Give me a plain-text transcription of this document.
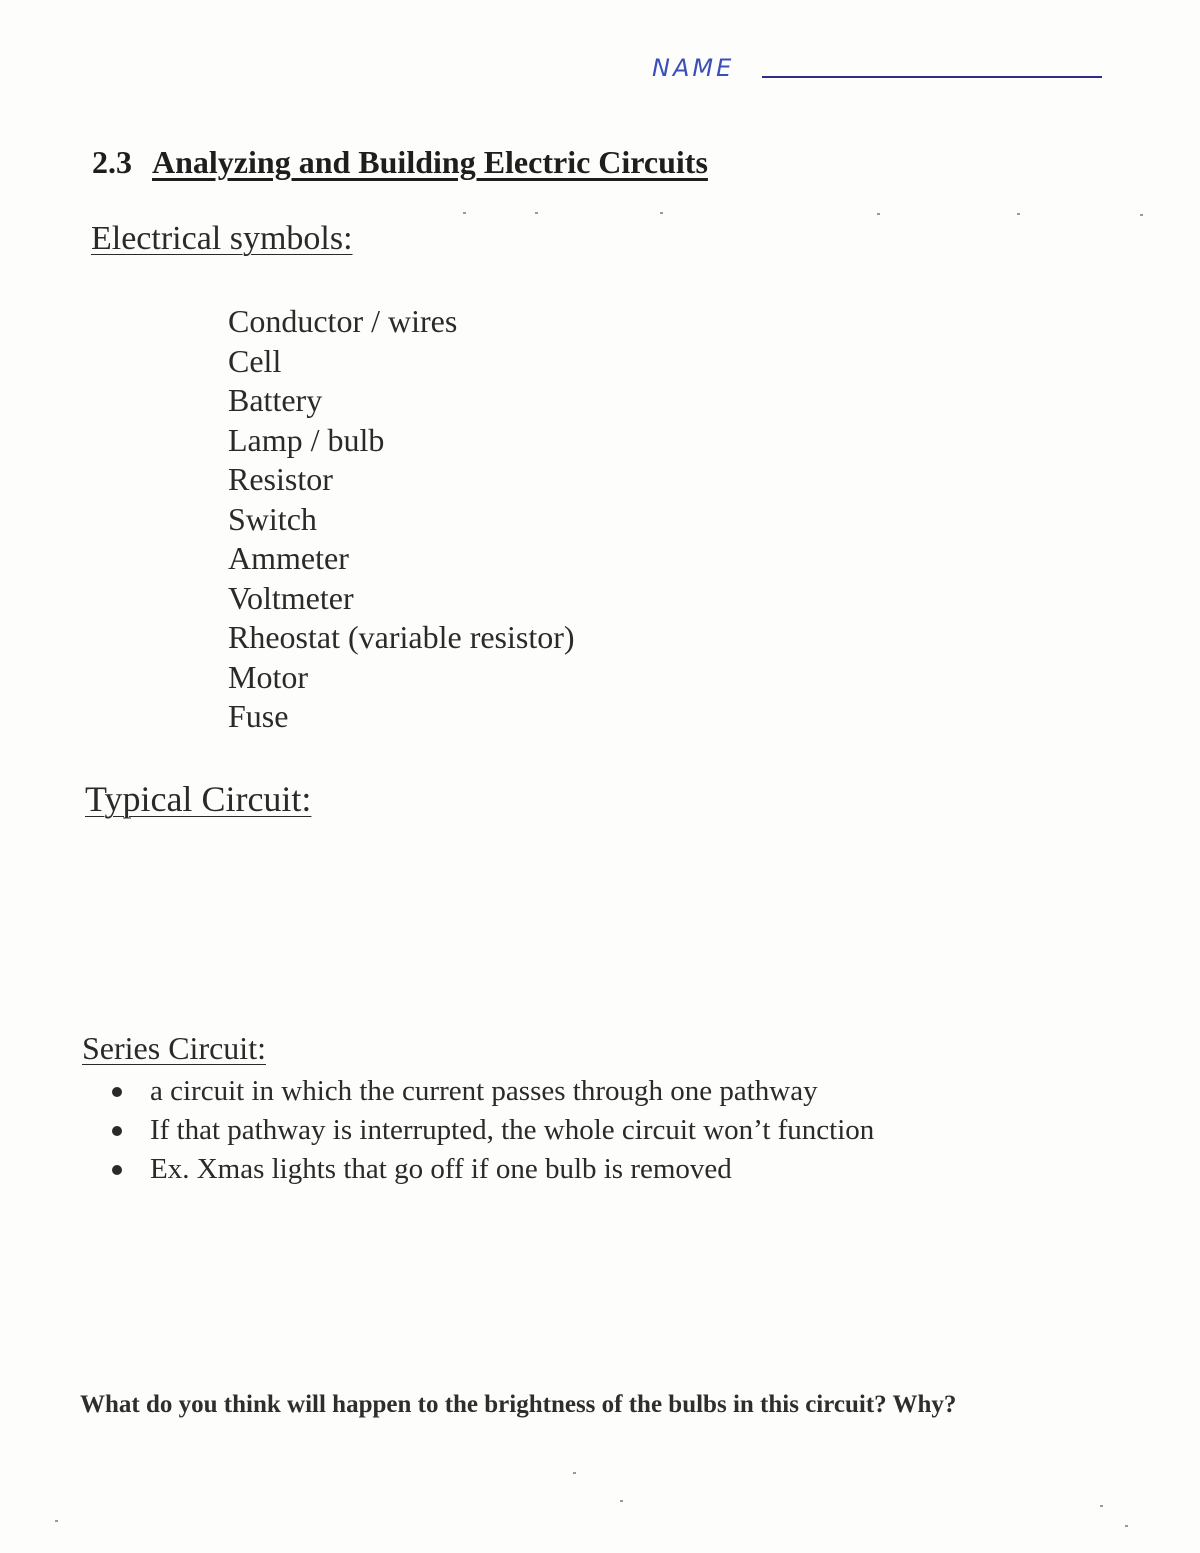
NAME
2.3 Analyzing and Building Electric Circuits
Electrical symbols:
Conductor / wires
Cell
Battery
Lamp / bulb
Resistor
Switch
Ammeter
Voltmeter
Rheostat (variable resistor)
Motor
Fuse
Typical Circuit:
Series Circuit:
a circuit in which the current passes through one pathway
If that pathway is interrupted, the whole circuit won’t function
Ex. Xmas lights that go off if one bulb is removed
What do you think will happen to the brightness of the bulbs in this circuit? Why?
